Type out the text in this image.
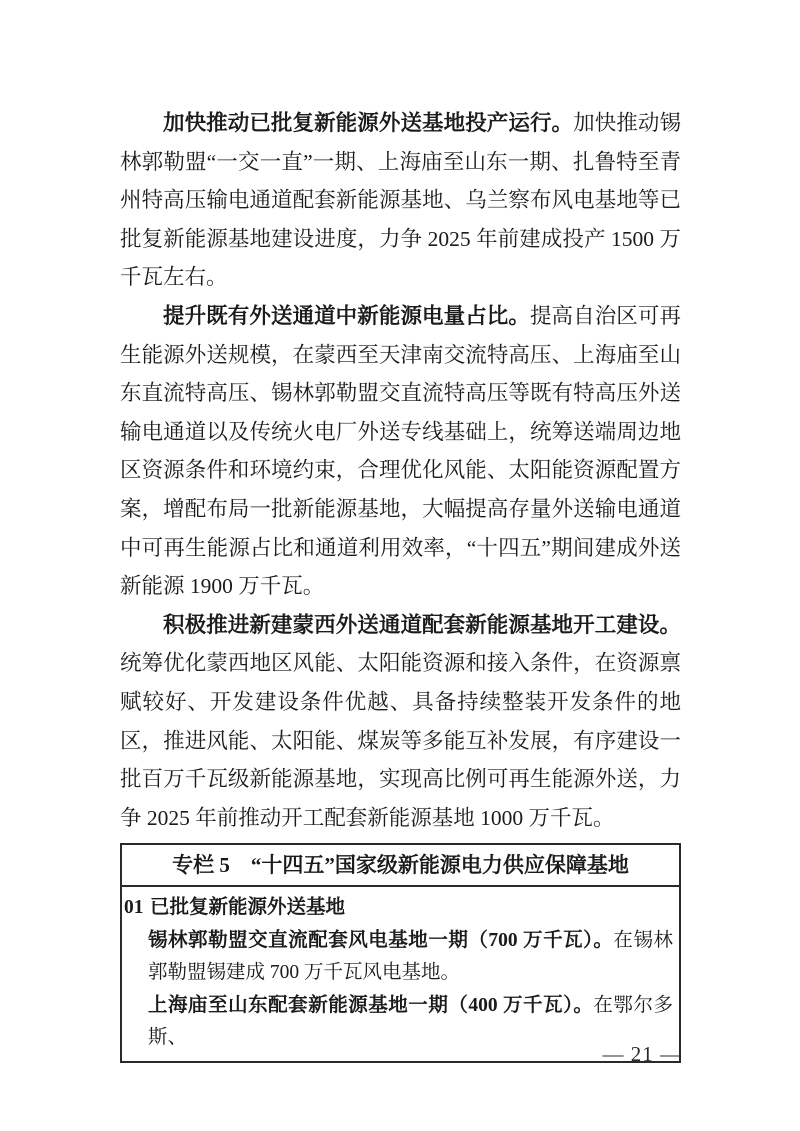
加快推动已批复新能源外送基地投产运行。加快推动锡林郭勒盟“一交一直”一期、上海庙至山东一期、扎鲁特至青州特高压输电通道配套新能源基地、乌兰察布风电基地等已批复新能源基地建设进度，力争 2025 年前建成投产 1500 万千瓦左右。

提升既有外送通道中新能源电量占比。提高自治区可再生能源外送规模，在蒙西至天津南交流特高压、上海庙至山东直流特高压、锡林郭勒盟交直流特高压等既有特高压外送输电通道以及传统火电厂外送专线基础上，统筹送端周边地区资源条件和环境约束，合理优化风能、太阳能资源配置方案，增配布局一批新能源基地，大幅提高存量外送输电通道中可再生能源占比和通道利用效率，“十四五”期间建成外送新能源 1900 万千瓦。

积极推进新建蒙西外送通道配套新能源基地开工建设。统筹优化蒙西地区风能、太阳能资源和接入条件，在资源禀赋较好、开发建设条件优越、具备持续整装开发条件的地区，推进风能、太阳能、煤炭等多能互补发展，有序建设一批百万千瓦级新能源基地，实现高比例可再生能源外送，力争 2025 年前推动开工配套新能源基地 1000 万千瓦。

专栏 5　“十四五”国家级新能源电力供应保障基地
01 已批复新能源外送基地

锡林郭勒盟交直流配套风电基地一期（700 万千瓦）。在锡林郭勒盟锡建成 700 万千瓦风电基地。

上海庙至山东配套新能源基地一期（400 万千瓦）。在鄂尔多斯、

— 21 —
